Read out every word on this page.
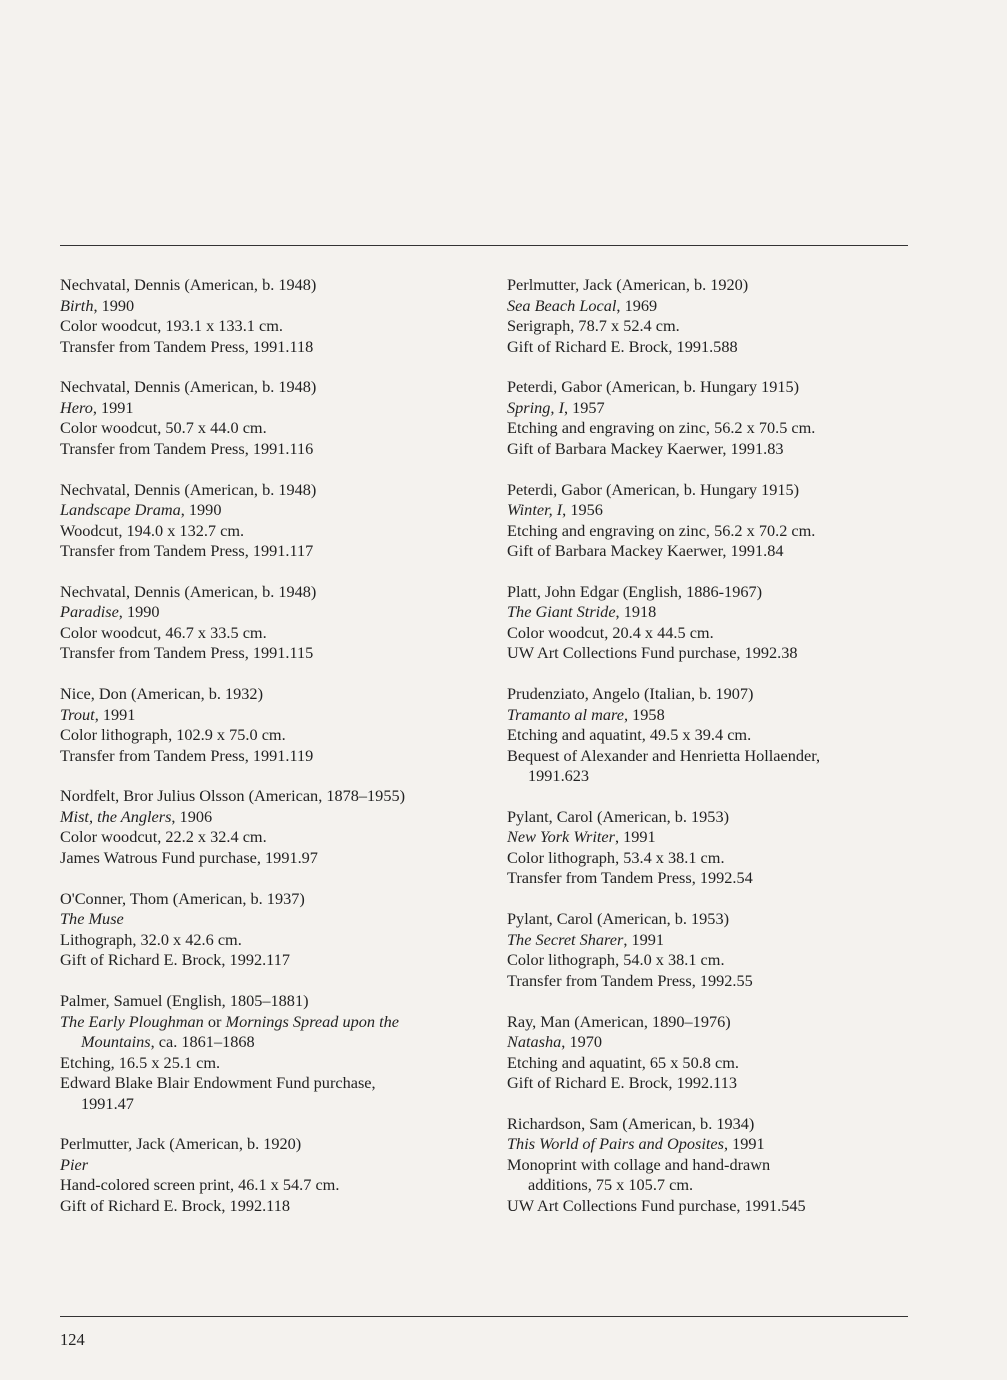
Nechvatal, Dennis (American, b. 1948)
Birth, 1990
Color woodcut, 193.1 x 133.1 cm.
Transfer from Tandem Press, 1991.118
Nechvatal, Dennis (American, b. 1948)
Hero, 1991
Color woodcut, 50.7 x 44.0 cm.
Transfer from Tandem Press, 1991.116
Nechvatal, Dennis (American, b. 1948)
Landscape Drama, 1990
Woodcut, 194.0 x 132.7 cm.
Transfer from Tandem Press, 1991.117
Nechvatal, Dennis (American, b. 1948)
Paradise, 1990
Color woodcut, 46.7 x 33.5 cm.
Transfer from Tandem Press, 1991.115
Nice, Don (American, b. 1932)
Trout, 1991
Color lithograph, 102.9 x 75.0 cm.
Transfer from Tandem Press, 1991.119
Nordfelt, Bror Julius Olsson (American, 1878–1955)
Mist, the Anglers, 1906
Color woodcut, 22.2 x 32.4 cm.
James Watrous Fund purchase, 1991.97
O'Conner, Thom (American, b. 1937)
The Muse
Lithograph, 32.0 x 42.6 cm.
Gift of Richard E. Brock, 1992.117
Palmer, Samuel (English, 1805–1881)
The Early Ploughman or Mornings Spread upon the
Mountains, ca. 1861–1868
Etching, 16.5 x 25.1 cm.
Edward Blake Blair Endowment Fund purchase,
1991.47
Perlmutter, Jack (American, b. 1920)
Pier
Hand-colored screen print, 46.1 x 54.7 cm.
Gift of Richard E. Brock, 1992.118
Perlmutter, Jack (American, b. 1920)
Sea Beach Local, 1969
Serigraph, 78.7 x 52.4 cm.
Gift of Richard E. Brock, 1991.588
Peterdi, Gabor (American, b. Hungary 1915)
Spring, I, 1957
Etching and engraving on zinc, 56.2 x 70.5 cm.
Gift of Barbara Mackey Kaerwer, 1991.83
Peterdi, Gabor (American, b. Hungary 1915)
Winter, I, 1956
Etching and engraving on zinc, 56.2 x 70.2 cm.
Gift of Barbara Mackey Kaerwer, 1991.84
Platt, John Edgar (English, 1886-1967)
The Giant Stride, 1918
Color woodcut, 20.4 x 44.5 cm.
UW Art Collections Fund purchase, 1992.38
Prudenziato, Angelo (Italian, b. 1907)
Tramanto al mare, 1958
Etching and aquatint, 49.5 x 39.4 cm.
Bequest of Alexander and Henrietta Hollaender,
1991.623
Pylant, Carol (American, b. 1953)
New York Writer, 1991
Color lithograph, 53.4 x 38.1 cm.
Transfer from Tandem Press, 1992.54
Pylant, Carol (American, b. 1953)
The Secret Sharer, 1991
Color lithograph, 54.0 x 38.1 cm.
Transfer from Tandem Press, 1992.55
Ray, Man (American, 1890–1976)
Natasha, 1970
Etching and aquatint, 65 x 50.8 cm.
Gift of Richard E. Brock, 1992.113
Richardson, Sam (American, b. 1934)
This World of Pairs and Oposites, 1991
Monoprint with collage and hand-drawn
additions, 75 x 105.7 cm.
UW Art Collections Fund purchase, 1991.545
124
